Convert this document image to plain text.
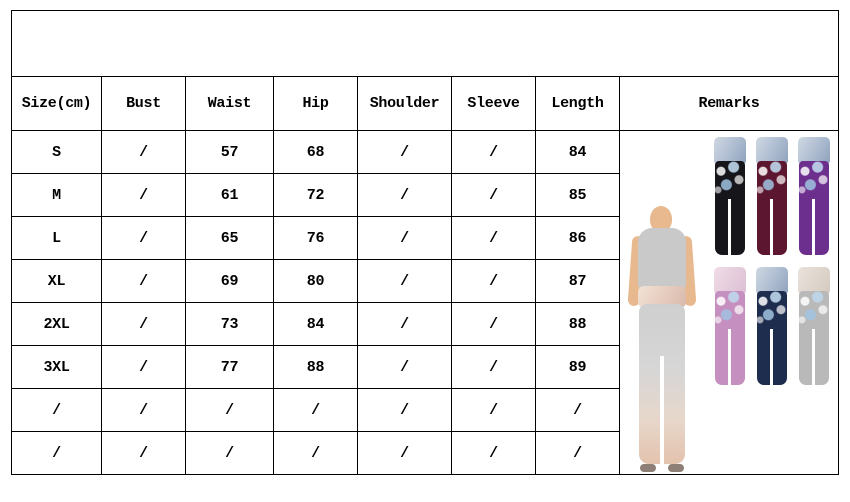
Size(cm)	Bust	Waist	Hip	Shoulder	Sleeve	Length	Remarks
S	/	57	68	/	/	84	

M	/	61	72	/	/	85	
L	/	65	76	/	/	86	
XL	/	69	80	/	/	87	
2XL	/	73	84	/	/	88	
3XL	/	77	88	/	/	89	
/	/	/	/	/	/	/	
/	/	/	/	/	/	/	
